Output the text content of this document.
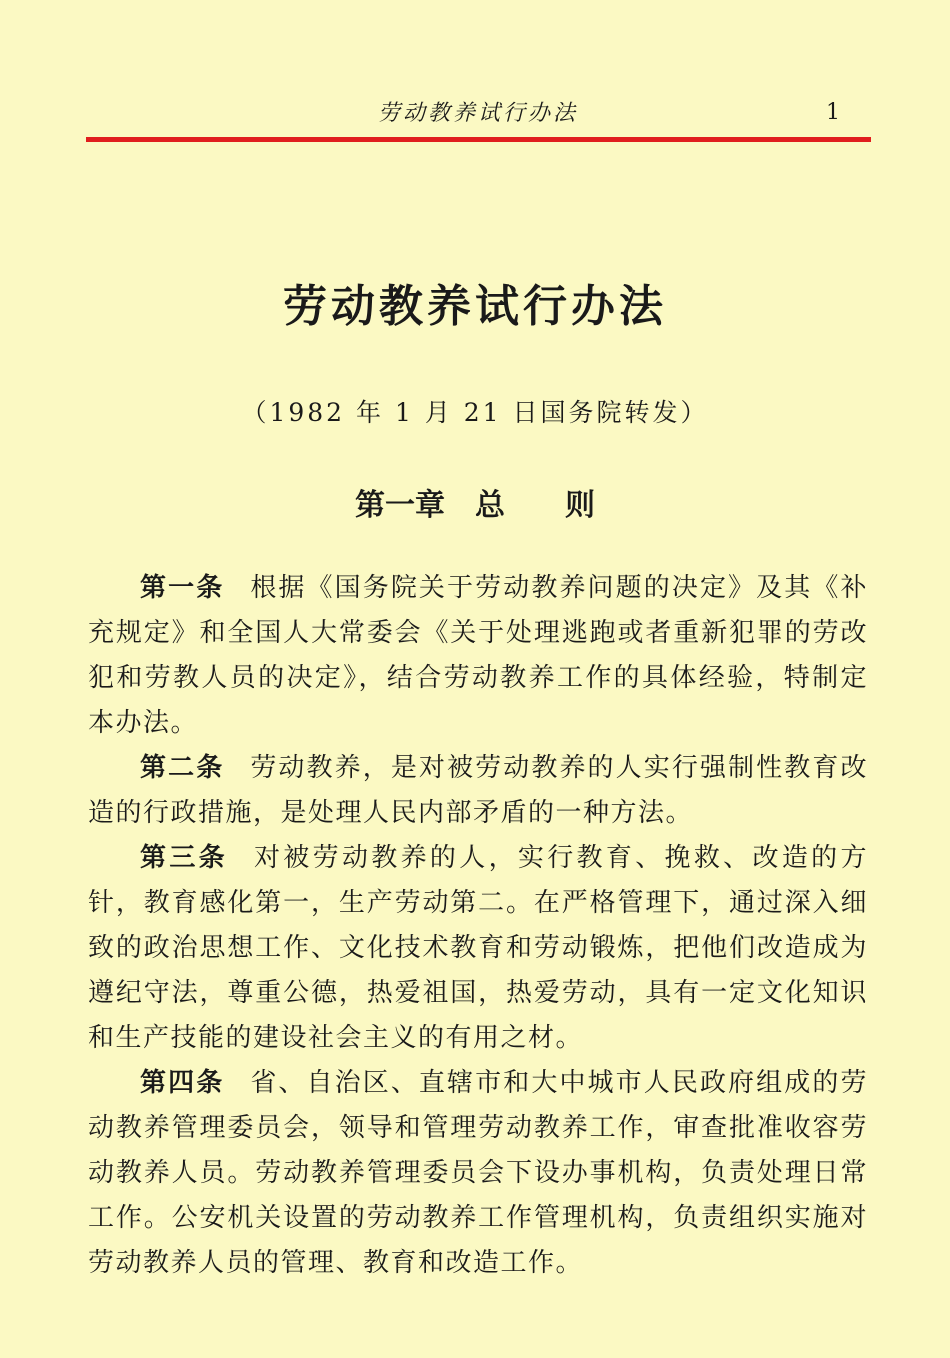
劳动教养试行办法	1
劳动教养试行办法
（1982 年 1 月 21 日国务院转发）
第一章　总　　则

第一条 根据《国务院关于劳动教养问题的决定》及其《补充规定》和全国人大常委会《关于处理逃跑或者重新犯罪的劳改犯和劳教人员的决定》，结合劳动教养工作的具体经验，特制定本办法。

第二条 劳动教养，是对被劳动教养的人实行强制性教育改造的行政措施，是处理人民内部矛盾的一种方法。

第三条 对被劳动教养的人，实行教育、挽救、改造的方针，教育感化第一，生产劳动第二。在严格管理下，通过深入细致的政治思想工作、文化技术教育和劳动锻炼，把他们改造成为遵纪守法，尊重公德，热爱祖国，热爱劳动，具有一定文化知识和生产技能的建设社会主义的有用之材。

第四条 省、自治区、直辖市和大中城市人民政府组成的劳动教养管理委员会，领导和管理劳动教养工作，审查批准收容劳动教养人员。劳动教养管理委员会下设办事机构，负责处理日常工作。公安机关设置的劳动教养工作管理机构，负责组织实施对劳动教养人员的管理、教育和改造工作。
